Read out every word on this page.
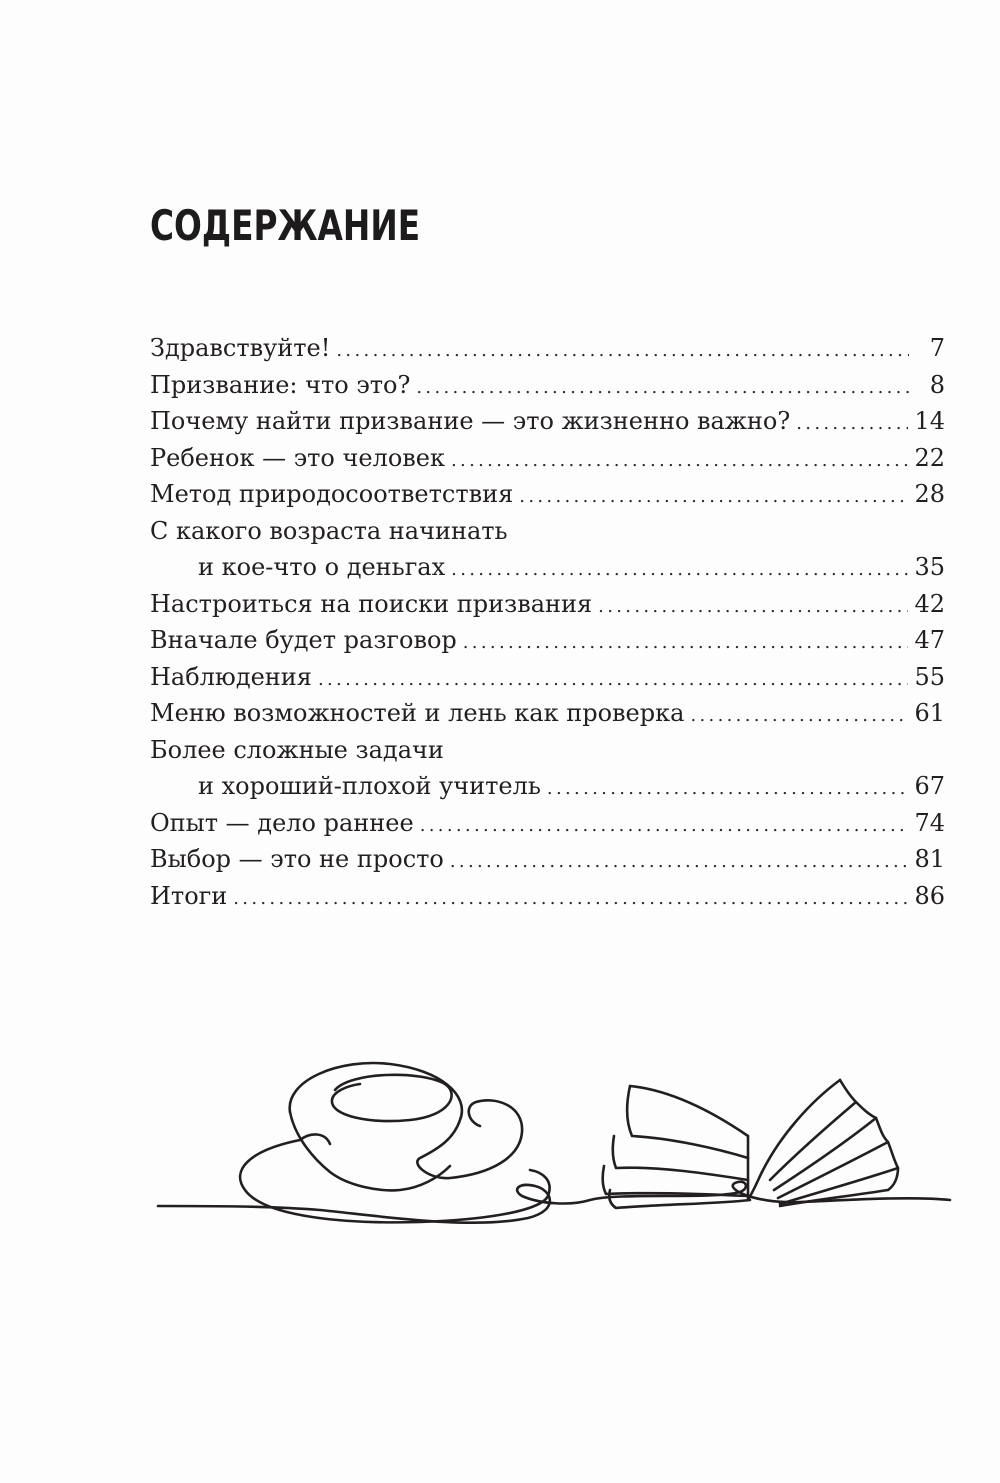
СОДЕРЖАНИЕ
Здравствуйте! . . .	7
Призвание: что это? . . .	8
Почему найти призвание — это жизненно важно? . . .	14
Ребенок — это человек . . .	22
Метод природосоответствия . . .	28
С какого возраста начинать
и кое-что о деньгах . . .	35
Настроиться на поиски призвания . . .	42
Вначале будет разговор . . .	47
Наблюдения . . .	55
Меню возможностей и лень как проверка . . .	61
Более сложные задачи
и хороший-плохой учитель . . .	67
Опыт — дело раннее . . .	74
Выбор — это не просто . . .	81
Итоги . . .	86
